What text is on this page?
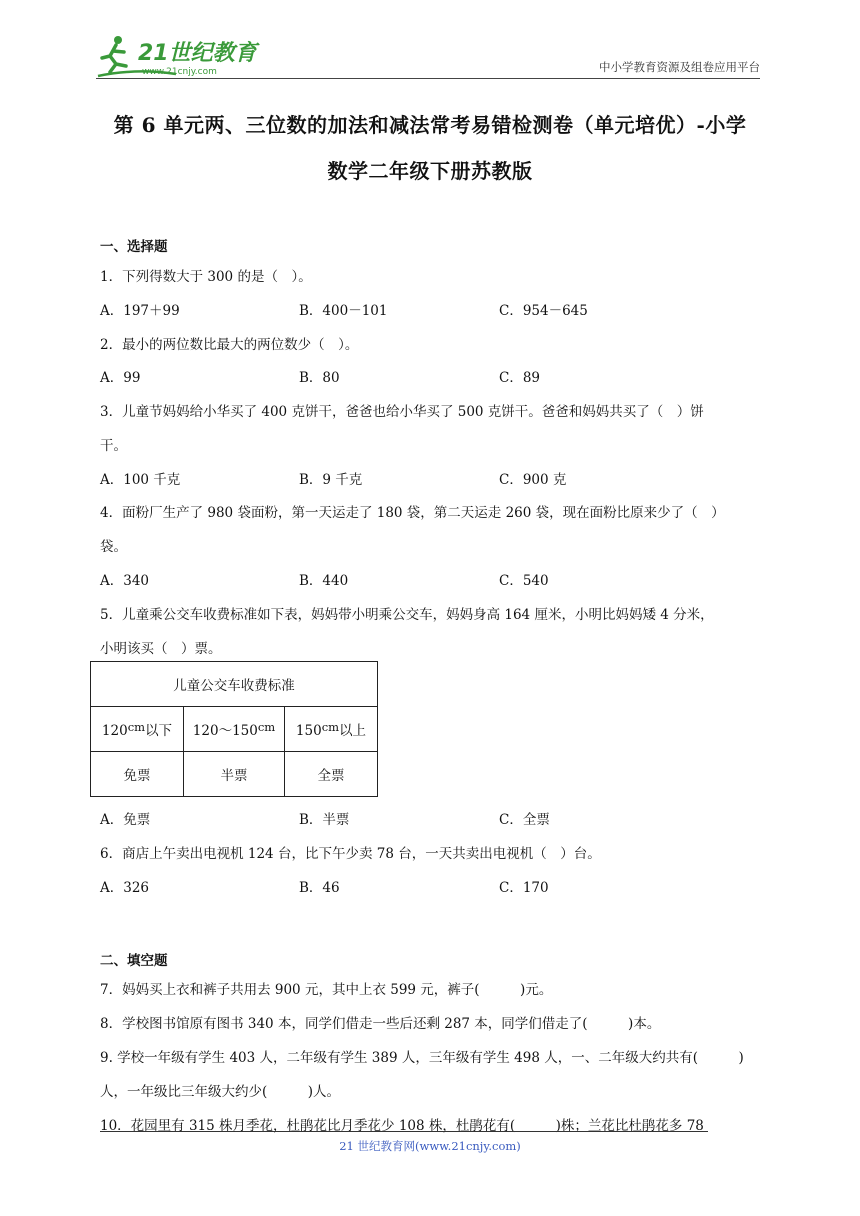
21世纪教育
www.21cnjy.com	中小学教育资源及组卷应用平台
第 6 单元两、三位数的加法和减法常考易错检测卷（单元培优）-小学
数学二年级下册苏教版
一、选择题
1．下列得数大于 300 的是（　）。
A．197＋99	B．400－101	C．954－645
2．最小的两位数比最大的两位数少（　）。
A．99	B．80	C．89
3．儿童节妈妈给小华买了 400 克饼干，爸爸也给小华买了 500 克饼干。爸爸和妈妈共买了（　）饼
干。
A．100 千克	B．9 千克	C．900 克
4．面粉厂生产了 980 袋面粉，第一天运走了 180 袋，第二天运走 260 袋，现在面粉比原来少了（　）
袋。
A．340	B．440	C．540
5．儿童乘公交车收费标准如下表，妈妈带小明乘公交车，妈妈身高 164 厘米，小明比妈妈矮 4 分米，
小明该买（　）票。
儿童公交车收费标准		
120cm以下	120～150cm	150cm以上
免票	半票	全票
A．免票	B．半票	C．全票
6．商店上午卖出电视机 124 台，比下午少卖 78 台，一天共卖出电视机（　）台。
A．326	B．46	C．170
二、填空题
7．妈妈买上衣和裤子共用去 900 元，其中上衣 599 元，裤子(　　　)元。
8．学校图书馆原有图书 340 本，同学们借走一些后还剩 287 本，同学们借走了(　　　)本。
9. 学校一年级有学生 403 人，二年级有学生 389 人，三年级有学生 498 人，一、二年级大约共有(　　　)
人，一年级比三年级大约少(　　　)人。
10．花园里有 315 株月季花，杜鹃花比月季花少 108 株，杜鹃花有(　　　)株；兰花比杜鹃花多 78
21 世纪教育网(www.21cnjy.com)
